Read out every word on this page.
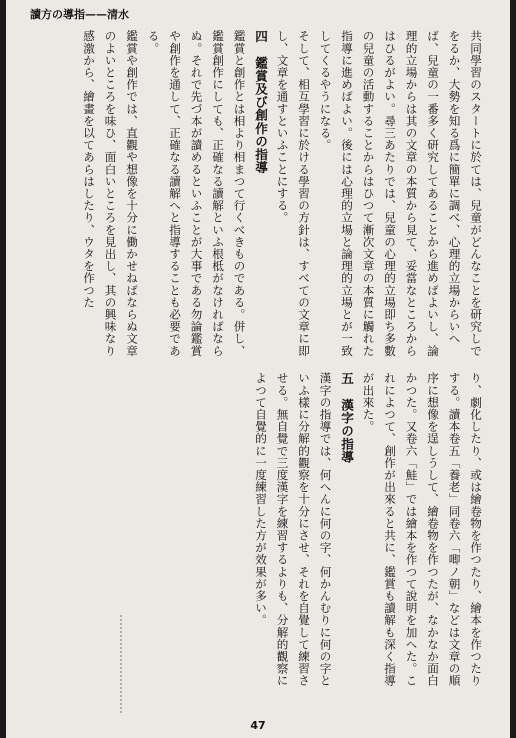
讀方の導指——清水

共同學習のスタートに於ては、兒童がどんなことを研究しでをるか、大勢を知る爲に簡單に調べ、心理的立場からいへば、兒童の一番多く研究してあることから進めばよいし、論理的立場からは其の文章の本質から見て、妥當なところからはひるがよい。尋三あたりでは、兒童の心理的立場即ち多數の兒童の活動することからはひつて漸次文章の本質に觸れた指導に進めばよい。後には心理的立場と論理的立場とが一致してくるやうになる。

そして、相互學習に於ける學習の方針は、すべての文章に即し、文章を通すといふことにする。

四　鑑賞及び創作の指導

鑑賞と創作とは相より相まつて行くべきものである。併し、鑑賞創作にしても、正確なる讀解といふ根柢がなければならぬ。それで先づ本が讀めるといふことが大事である勿論鑑賞や創作を通して、正確なる讀解へと指導することも必要である。

鑑賞や創作では、直觀や想像を十分に働かせねばならぬ文章のよいところを味ひ、面白いところを見出し、其の興味なり感激から、繪畫を以てあらはしたり、ウタを作つた

り、劇化したり、或は繪卷物を作つたり、繪本を作つたりする。讀本卷五「養老」同卷六「唧ノ朝」などは文章の順序に想像を逞しうして、繪卷物を作つたが、なかなか面白かつた。又卷六「鮭」では繪本を作つて說明を加へた。これによつて、創作が出來ると共に、鑑賞も讀解も深く指導が出來た。

五　漢字の指導

漢字の指導では、何へんに何の字、何かんむりに何の字といふ樣に分解的觀察を十分にさせ、それを自覺して練習させる。無自覺で三度漢字を練習するよりも、分解的觀察によつて自覺的に一度練習した方が效果が多い。

47
